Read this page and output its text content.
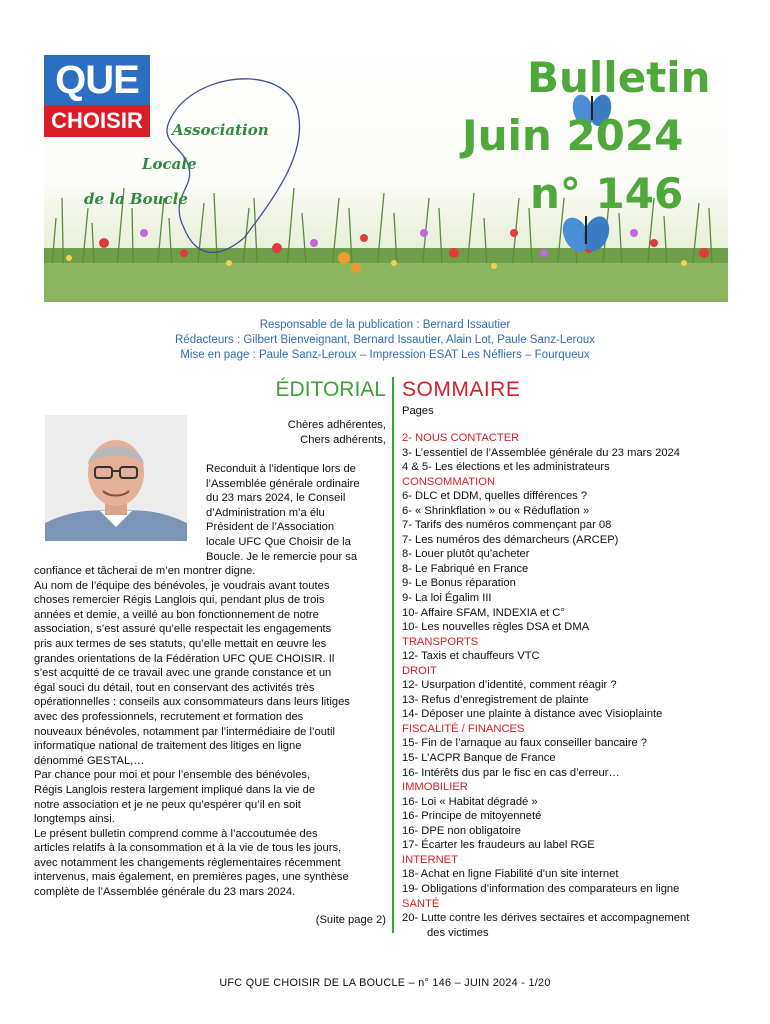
QUE
CHOISIR	Association
Locale
de la Boucle
Bulletin
Juin 2024
n° 146
Responsable de la publication : Bernard Issautier
Rédacteurs : Gilbert Bienveignant, Bernard Issautier, Alain Lot, Paule Sanz-Leroux
Mise en page : Paule Sanz-Leroux – Impression ESAT Les Néfliers – Fourqueux
ÉDITORIAL
Chères adhérentes,
Chers adhérents,
Reconduit à l’identique lors de
l’Assemblée générale ordinaire
du 23 mars 2024, le Conseil
d’Administration m’a élu
Président de l’Association
locale UFC Que Choisir de la
Boucle. Je le remercie pour sa
confiance et tâcherai de m’en montrer digne.
Au nom de l’équipe des bénévoles, je voudrais avant toutes
choses remercier Régis Langlois qui, pendant plus de trois
années et demie, a veillé au bon fonctionnement de notre
association, s’est assuré qu’elle respectait les engagements
pris aux termes de ses statuts, qu’elle mettait en œuvre les
grandes orientations de la Fédération UFC QUE CHOISIR. Il
s’est acquitté de ce travail avec une grande constance et un
égal souci du détail, tout en conservant des activités très
opérationnelles : conseils aux consommateurs dans leurs litiges
avec des professionnels, recrutement et formation des
nouveaux bénévoles, notamment par l’intermédiaire de l’outil
informatique national de traitement des litiges en ligne
dénommé GESTAL,…
Par chance pour moi et pour l’ensemble des bénévoles,
Régis Langlois restera largement impliqué dans la vie de
notre association et je ne peux qu’espérer qu’il en soit
longtemps ainsi.
Le présent bulletin comprend comme à l’accoutumée des
articles relatifs à la consommation et à la vie de tous les jours,
avec notamment les changements réglementaires récemment
intervenus, mais également, en premières pages, une synthèse
complète de l’Assemblée générale du 23 mars 2024.
(Suite page 2)
SOMMAIRE
Pages
2- NOUS CONTACTER
3- L’essentiel de l’Assemblée générale du 23 mars 2024
4 & 5- Les élections et les administrateurs
CONSOMMATION
6- DLC et DDM, quelles différences ?
6- « Shrinkflation » ou « Réduflation »
7- Tarifs des numéros commençant par 08
7- Les numéros des démarcheurs (ARCEP)
8- Louer plutôt qu’acheter
8- Le Fabriqué en France
9- Le Bonus réparation
9- La loi Égalim III
10- Affaire SFAM, INDEXIA et C°
10- Les nouvelles règles DSA et DMA
TRANSPORTS
12- Taxis et chauffeurs VTC
DROIT
12- Usurpation d’identité, comment réagir ?
13- Refus d’enregistrement de plainte
14- Déposer une plainte à distance avec Visioplainte
FISCALITÉ / FINANCES
15- Fin de l’arnaque au faux conseiller bancaire ?
15- L’ACPR Banque de France
16- Intérêts dus par le fisc en cas d’erreur…
IMMOBILIER
16- Loi « Habitat dégradé »
16- Principe de mitoyenneté
16- DPE non obligatoire
17- Écarter les fraudeurs au label RGE
INTERNET
18- Achat en ligne Fiabilité d’un site internet
19- Obligations d’information des comparateurs en ligne
SANTÉ
20- Lutte contre les dérives sectaires et accompagnement
des victimes
UFC QUE CHOISIR DE LA BOUCLE – n° 146 – JUIN 2024 - 1/20
